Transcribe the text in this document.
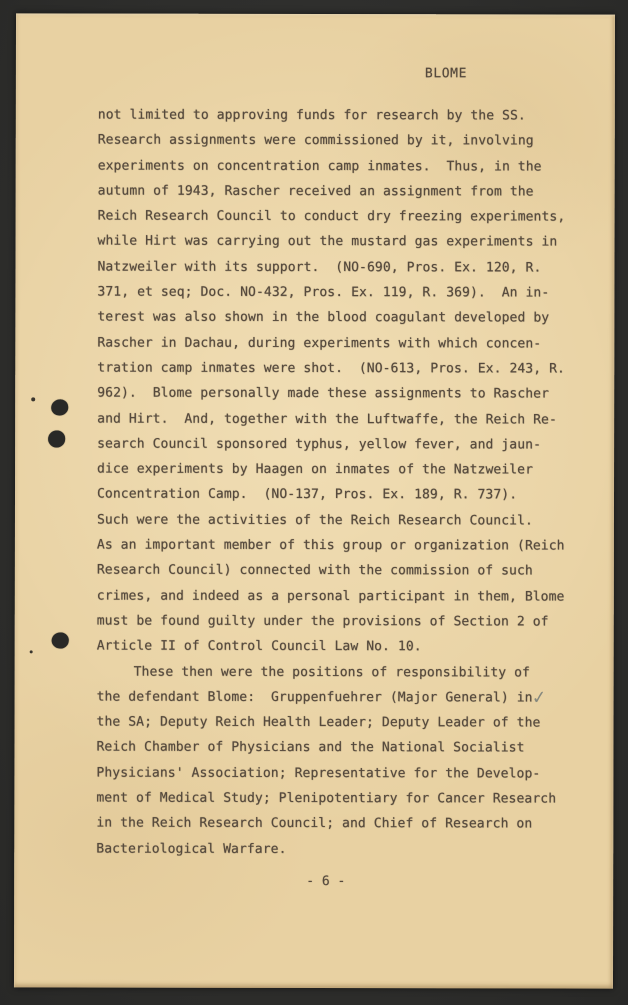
BLOME
not limited to approving funds for research by the SS.
Research assignments were commissioned by it, involving
experiments on concentration camp inmates.  Thus, in the
autumn of 1943, Rascher received an assignment from the
Reich Research Council to conduct dry freezing experiments,
while Hirt was carrying out the mustard gas experiments in
Natzweiler with its support.  (NO-690, Pros. Ex. 120, R.
371, et seq; Doc. NO-432, Pros. Ex. 119, R. 369).  An in-
terest was also shown in the blood coagulant developed by
Rascher in Dachau, during experiments with which concen-
tration camp inmates were shot.  (NO-613, Pros. Ex. 243, R.
962).  Blome personally made these assignments to Rascher
and Hirt.  And, together with the Luftwaffe, the Reich Re-
search Council sponsored typhus, yellow fever, and jaun-
dice experiments by Haagen on inmates of the Natzweiler
Concentration Camp.  (NO-137, Pros. Ex. 189, R. 737).
Such were the activities of the Reich Research Council.
As an important member of this group or organization (Reich
Research Council) connected with the commission of such
crimes, and indeed as a personal participant in them, Blome
must be found guilty under the provisions of Section 2 of
Article II of Control Council Law No. 10.
These then were the positions of responsibility of
the defendant Blome:  Gruppenfuehrer (Major General) in
the SA; Deputy Reich Health Leader; Deputy Leader of the
Reich Chamber of Physicians and the National Socialist
Physicians' Association; Representative for the Develop-
ment of Medical Study; Plenipotentiary for Cancer Research
in the Reich Research Council; and Chief of Research on
Bacteriological Warfare.
✓
- 6 -
